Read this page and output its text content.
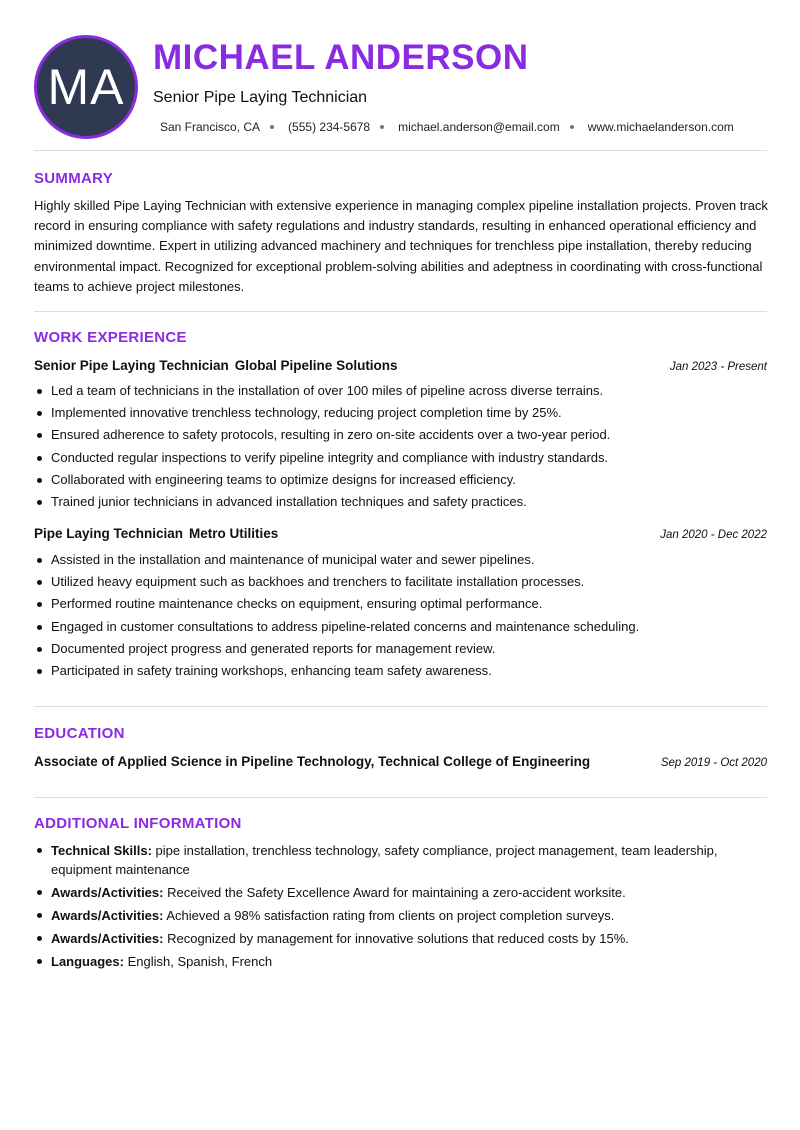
MA
MICHAEL ANDERSON
Senior Pipe Laying Technician
San Francisco, CA (555) 234-5678 michael.anderson@email.com www.michaelanderson.com
SUMMARY

Highly skilled Pipe Laying Technician with extensive experience in managing complex pipeline installation projects. Proven track record in ensuring compliance with safety regulations and industry standards, resulting in enhanced operational efficiency and minimized downtime. Expert in utilizing advanced machinery and techniques for trenchless pipe installation, thereby reducing environmental impact. Recognized for exceptional problem-solving abilities and adeptness in coordinating with cross-functional teams to achieve project milestones.

WORK EXPERIENCE
Senior Pipe Laying Technician Global Pipeline Solutions	Jan 2023 - Present
Led a team of technicians in the installation of over 100 miles of pipeline across diverse terrains.
Implemented innovative trenchless technology, reducing project completion time by 25%.
Ensured adherence to safety protocols, resulting in zero on-site accidents over a two-year period.
Conducted regular inspections to verify pipeline integrity and compliance with industry standards.
Collaborated with engineering teams to optimize designs for increased efficiency.
Trained junior technicians in advanced installation techniques and safety practices.
Pipe Laying Technician Metro Utilities	Jan 2020 - Dec 2022
Assisted in the installation and maintenance of municipal water and sewer pipelines.
Utilized heavy equipment such as backhoes and trenchers to facilitate installation processes.
Performed routine maintenance checks on equipment, ensuring optimal performance.
Engaged in customer consultations to address pipeline-related concerns and maintenance scheduling.
Documented project progress and generated reports for management review.
Participated in safety training workshops, enhancing team safety awareness.
EDUCATION
Associate of Applied Science in Pipeline Technology, Technical College of Engineering	Sep 2019 - Oct 2020
ADDITIONAL INFORMATION
Technical Skills: pipe installation, trenchless technology, safety compliance, project management, team leadership, equipment maintenance
Awards/Activities: Received the Safety Excellence Award for maintaining a zero-accident worksite.
Awards/Activities: Achieved a 98% satisfaction rating from clients on project completion surveys.
Awards/Activities: Recognized by management for innovative solutions that reduced costs by 15%.
Languages: English, Spanish, French
